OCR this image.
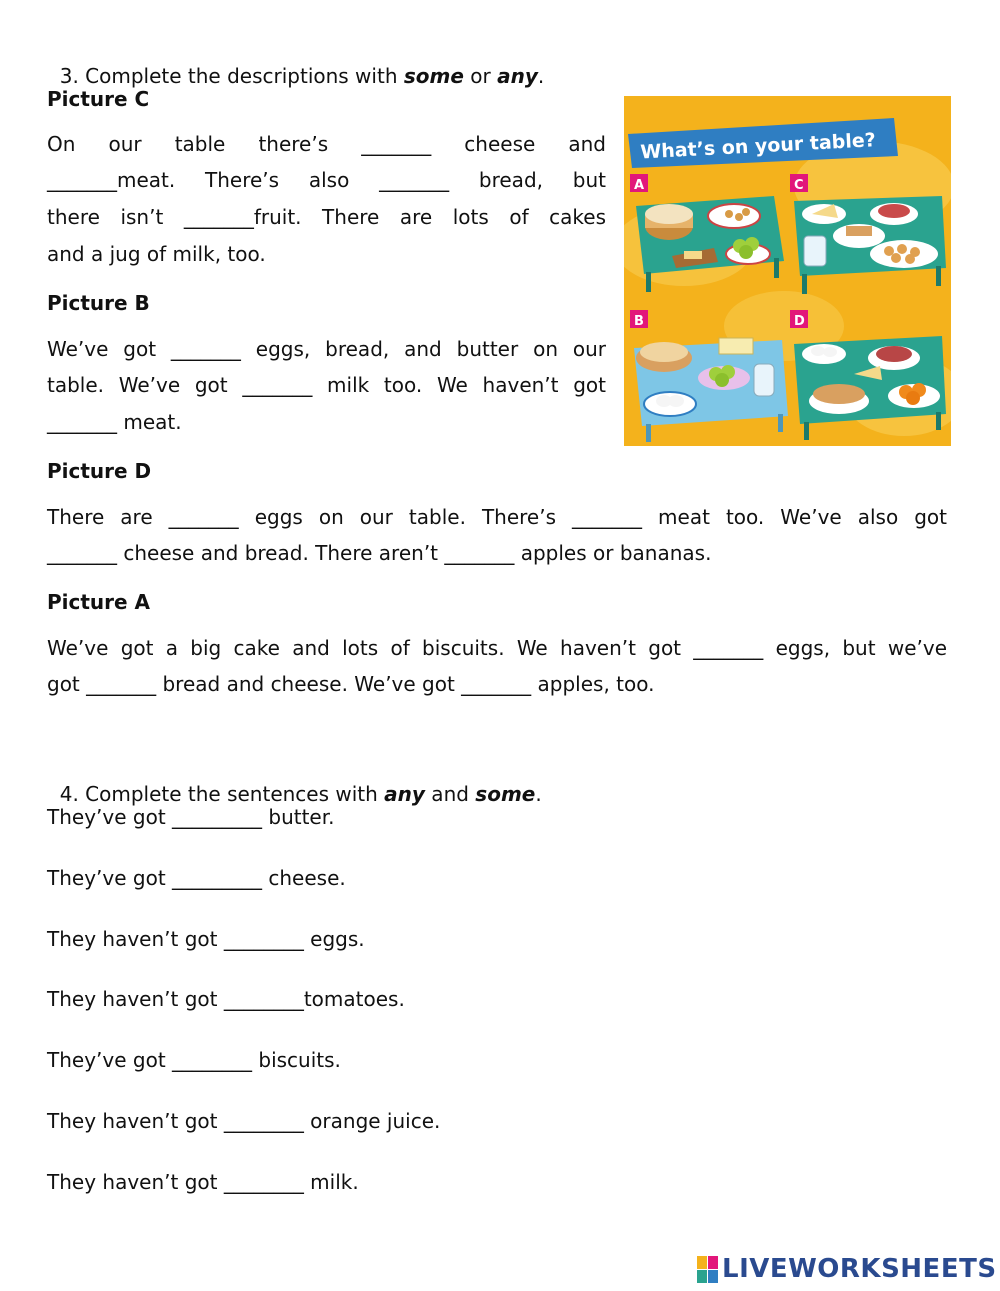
3. Complete the descriptions with some or any.

Picture C
On our table there’s _______ cheese and
_______meat. There’s also _______ bread, but
there isn’t _______fruit. There are lots of cakes
and a jug of milk, too.
Picture B
We’ve got _______ eggs, bread, and butter on our
table. We’ve got _______ milk too. We haven’t got
_______ meat.
Picture D
There are _______ eggs on our table. There’s _______ meat too. We’ve also got
_______ cheese and bread. There aren’t _______ apples or bananas.
Picture A
We’ve got a big cake and lots of biscuits. We haven’t got _______ eggs, but we’ve
got _______ bread and cheese. We’ve got _______ apples, too.

4. Complete the sentences with any and some.

They’ve got _________ butter.
They’ve got _________ cheese.
They haven’t got ________ eggs.
They haven’t got ________tomatoes.
They’ve got ________ biscuits.
They haven’t got ________ orange juice.
They haven’t got ________ milk.
What’s on your table?
A	C
B	D
LIVEWORKSHEETS
